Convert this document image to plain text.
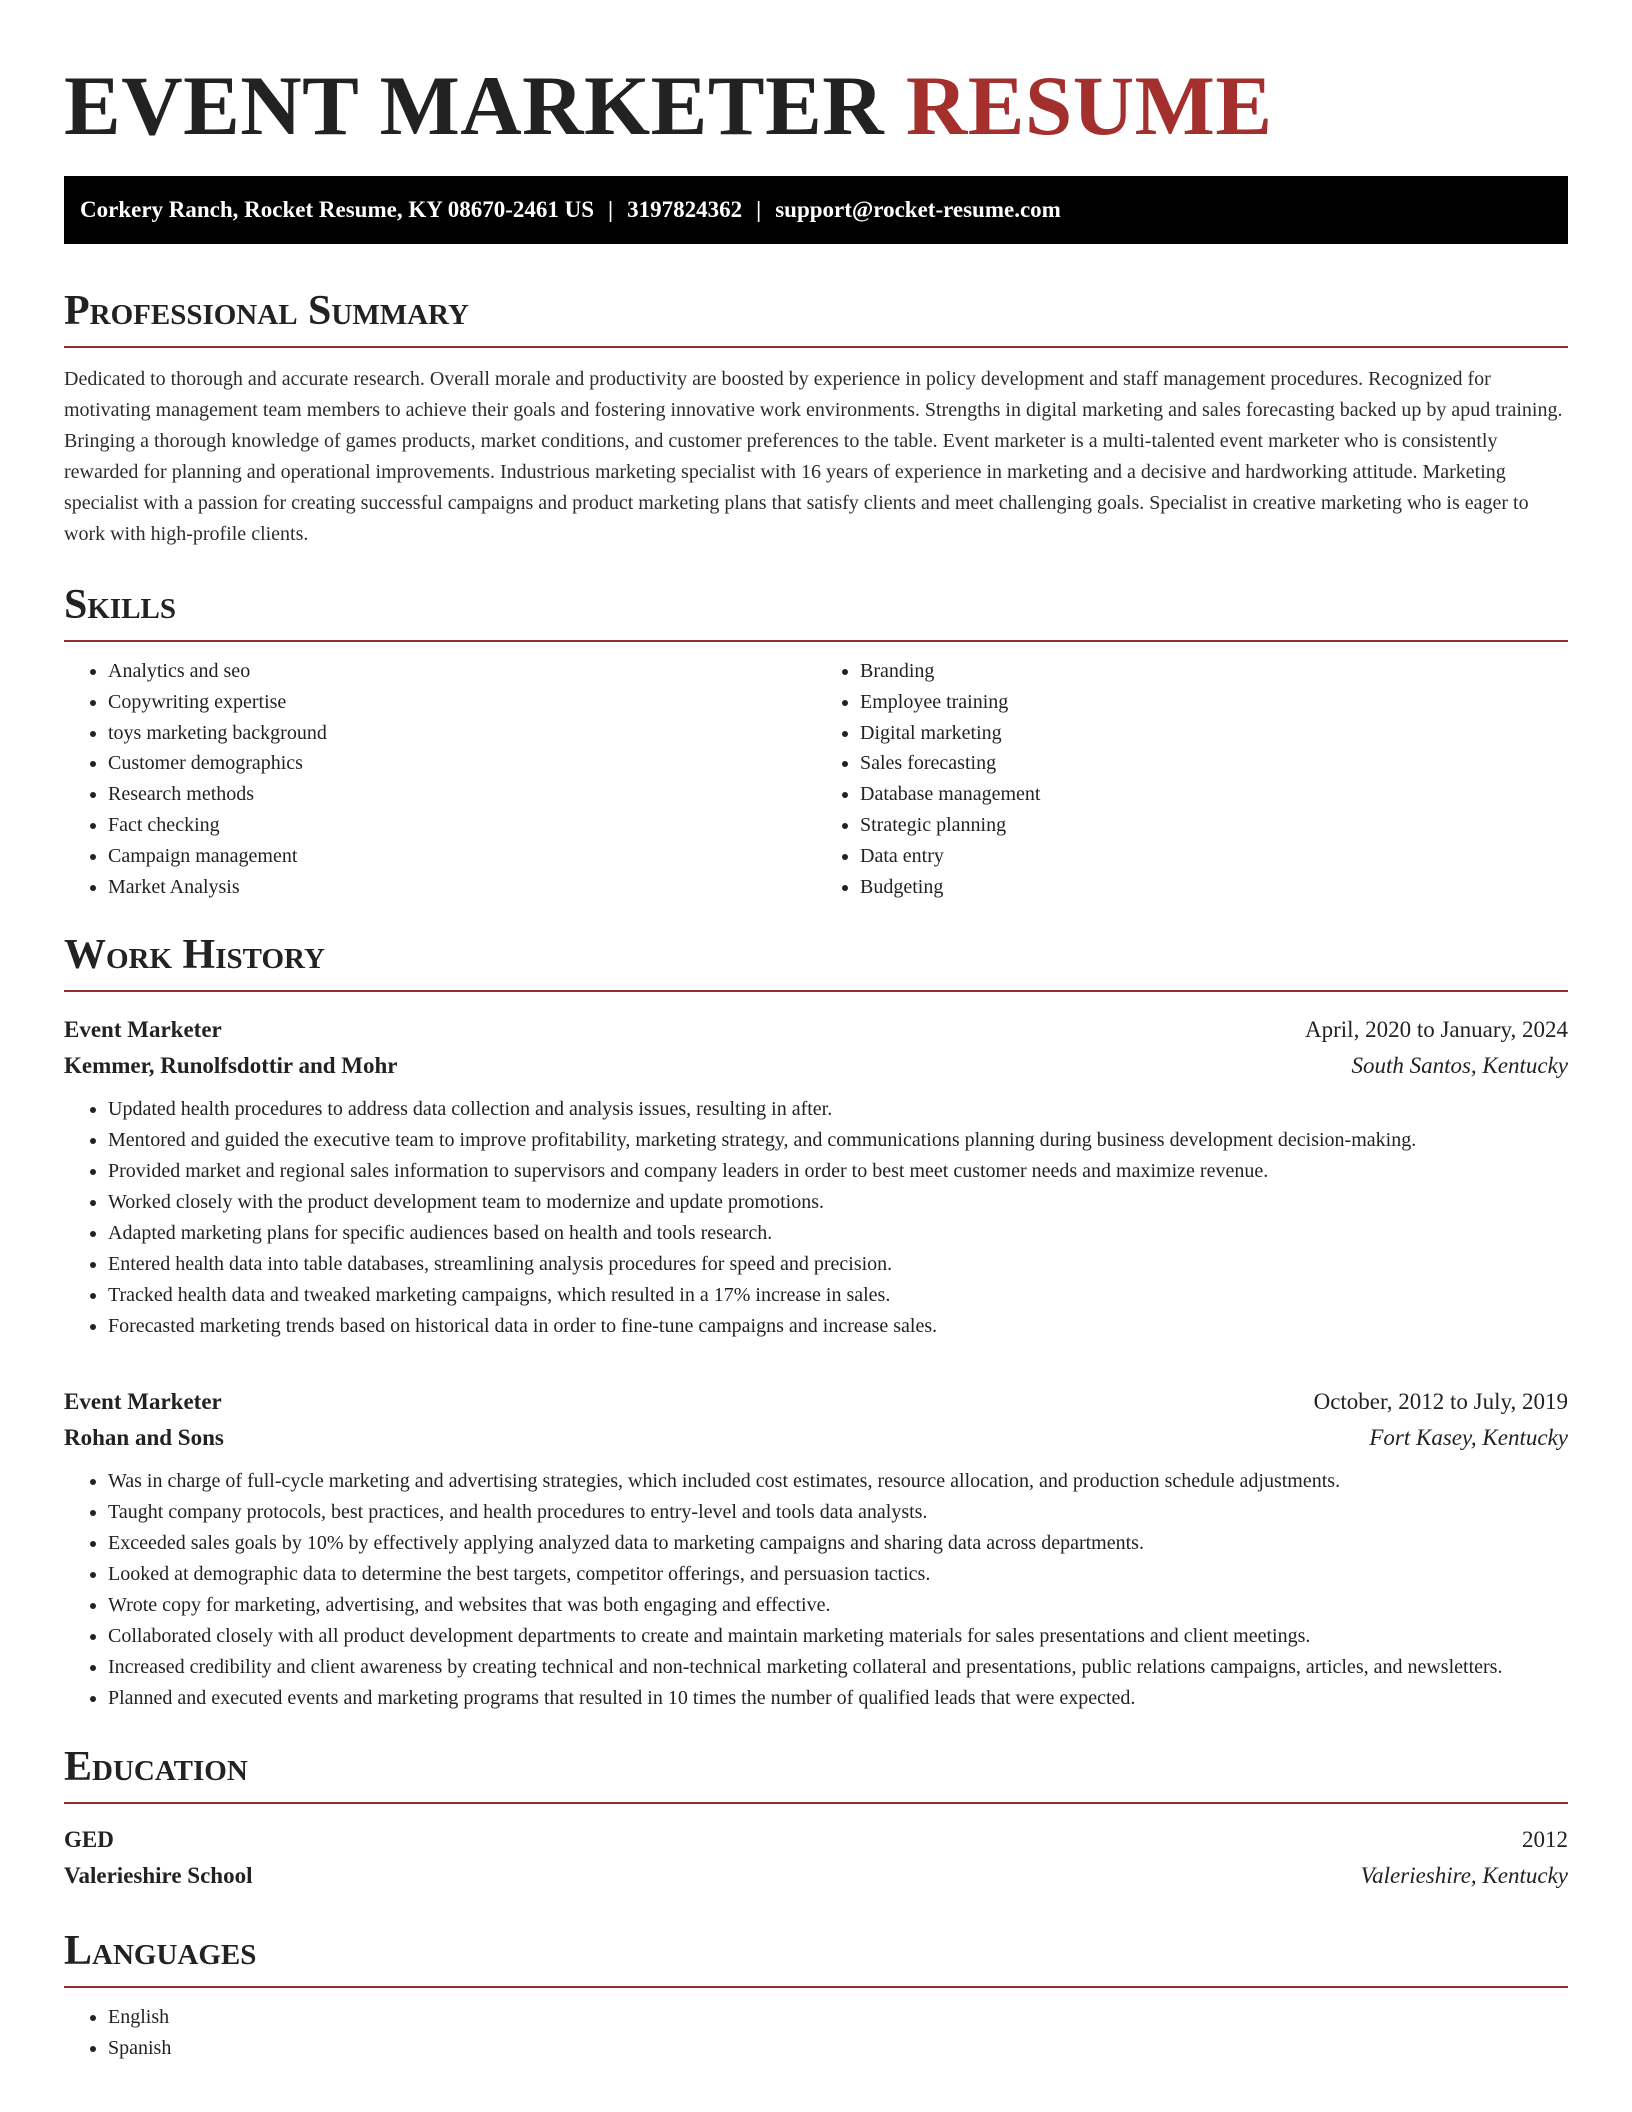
EVENT MARKETER RESUME
Corkery Ranch, Rocket Resume, KY 08670-2461 US | 3197824362 | support@rocket-resume.com
Professional Summary

Dedicated to thorough and accurate research. Overall morale and productivity are boosted by experience in policy development and staff management procedures. Recognized for motivating management team members to achieve their goals and fostering innovative work environments. Strengths in digital marketing and sales forecasting backed up by apud training. Bringing a thorough knowledge of games products, market conditions, and customer preferences to the table. Event marketer is a multi-talented event marketer who is consistently rewarded for planning and operational improvements. Industrious marketing specialist with 16 years of experience in marketing and a decisive and hardworking attitude. Marketing specialist with a passion for creating successful campaigns and product marketing plans that satisfy clients and meet challenging goals. Specialist in creative marketing who is eager to work with high-profile clients.

Skills
• Analytics and seo
• Copywriting expertise
• toys marketing background
• Customer demographics
• Research methods
• Fact checking
• Campaign management
• Market Analysis
• Branding
• Employee training
• Digital marketing
• Sales forecasting
• Database management
• Strategic planning
• Data entry
• Budgeting
Work History
Event Marketer	April, 2020 to January, 2024
Kemmer, Runolfsdottir and Mohr	South Santos, Kentucky
• Updated health procedures to address data collection and analysis issues, resulting in after.
• Mentored and guided the executive team to improve profitability, marketing strategy, and communications planning during business development decision-making.
• Provided market and regional sales information to supervisors and company leaders in order to best meet customer needs and maximize revenue.
• Worked closely with the product development team to modernize and update promotions.
• Adapted marketing plans for specific audiences based on health and tools research.
• Entered health data into table databases, streamlining analysis procedures for speed and precision.
• Tracked health data and tweaked marketing campaigns, which resulted in a 17% increase in sales.
• Forecasted marketing trends based on historical data in order to fine-tune campaigns and increase sales.
Event Marketer	October, 2012 to July, 2019
Rohan and Sons	Fort Kasey, Kentucky
• Was in charge of full-cycle marketing and advertising strategies, which included cost estimates, resource allocation, and production schedule adjustments.
• Taught company protocols, best practices, and health procedures to entry-level and tools data analysts.
• Exceeded sales goals by 10% by effectively applying analyzed data to marketing campaigns and sharing data across departments.
• Looked at demographic data to determine the best targets, competitor offerings, and persuasion tactics.
• Wrote copy for marketing, advertising, and websites that was both engaging and effective.
• Collaborated closely with all product development departments to create and maintain marketing materials for sales presentations and client meetings.
• Increased credibility and client awareness by creating technical and non-technical marketing collateral and presentations, public relations campaigns, articles, and newsletters.
• Planned and executed events and marketing programs that resulted in 10 times the number of qualified leads that were expected.
Education
GED	2012
Valerieshire School	Valerieshire, Kentucky
Languages
• English
• Spanish
